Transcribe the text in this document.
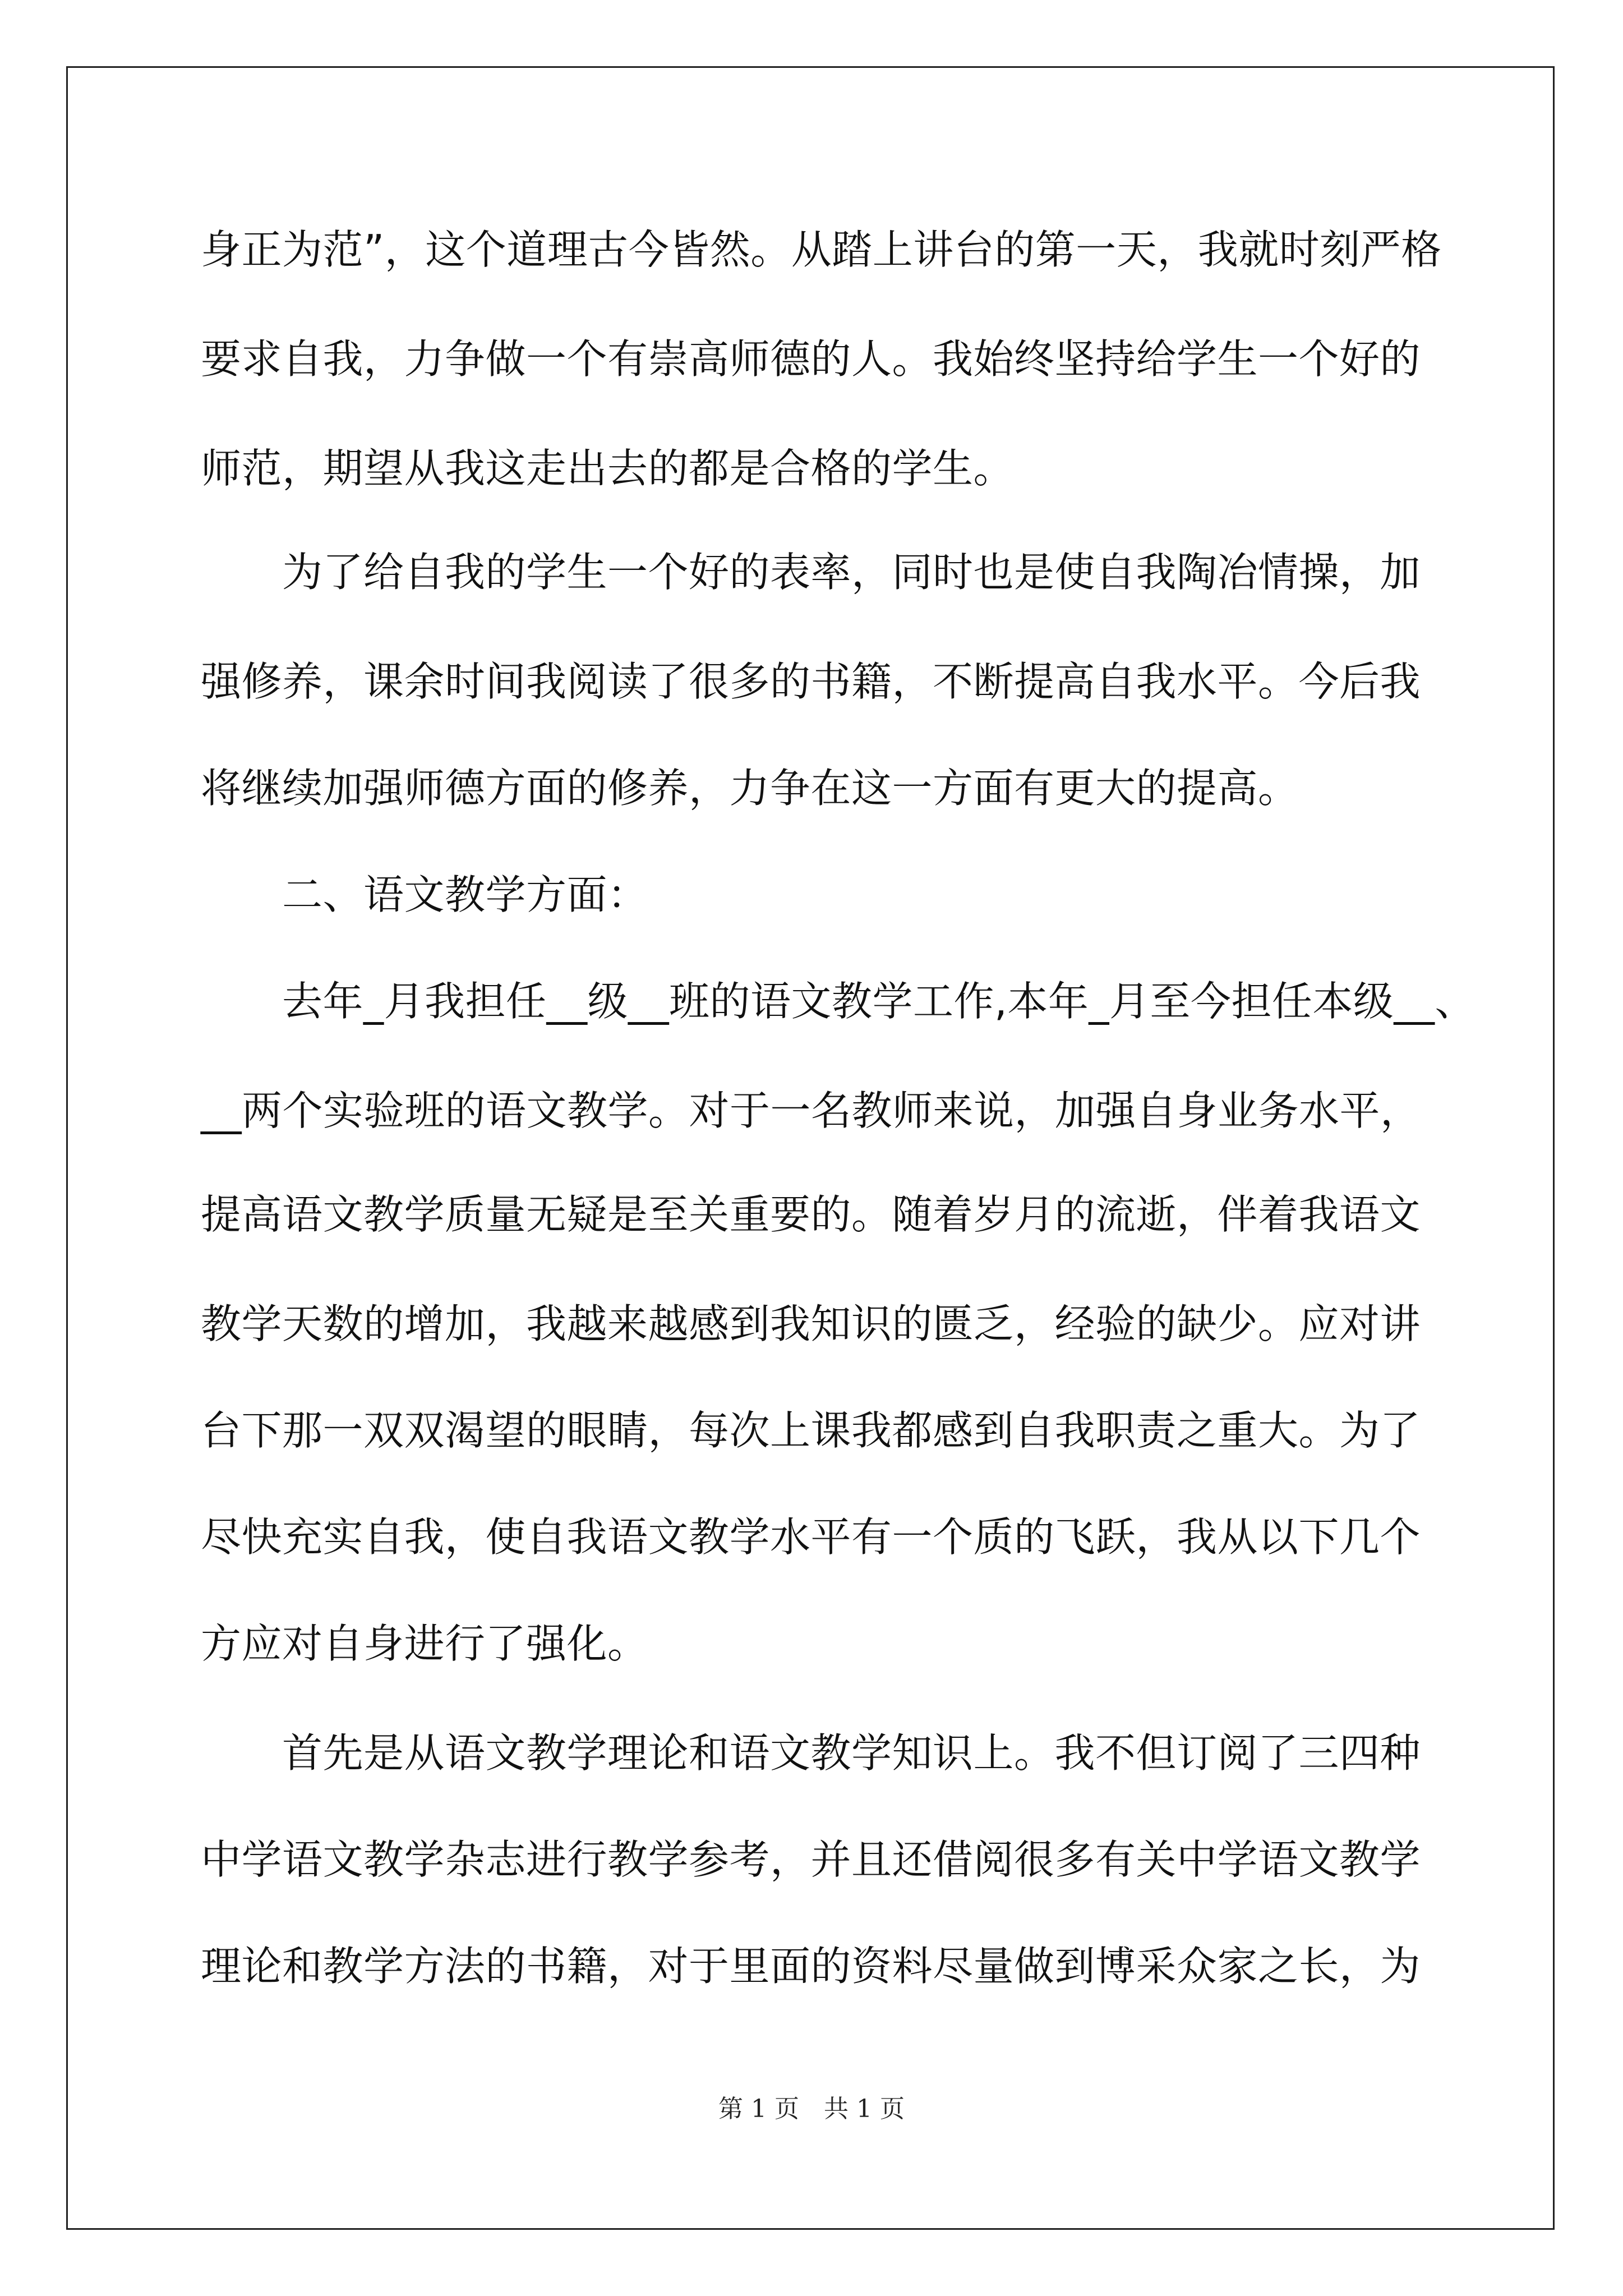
身正为范”，这个道理古今皆然。从踏上讲台的第一天，我就时刻严格
要求自我，力争做一个有崇高师德的人。我始终坚持给学生一个好的
师范，期望从我这走出去的都是合格的学生。
　　为了给自我的学生一个好的表率，同时也是使自我陶冶情操，加
强修养，课余时间我阅读了很多的书籍，不断提高自我水平。今后我
将继续加强师德方面的修养，力争在这一方面有更大的提高。
　　二、语文教学方面：
　　去年_月我担任__级__班的语文教学工作,本年_月至今担任本级__、
__两个实验班的语文教学。对于一名教师来说，加强自身业务水平，
提高语文教学质量无疑是至关重要的。随着岁月的流逝，伴着我语文
教学天数的增加，我越来越感到我知识的匮乏，经验的缺少。应对讲
台下那一双双渴望的眼睛，每次上课我都感到自我职责之重大。为了
尽快充实自我，使自我语文教学水平有一个质的飞跃，我从以下几个
方应对自身进行了强化。
　　首先是从语文教学理论和语文教学知识上。我不但订阅了三四种
中学语文教学杂志进行教学参考，并且还借阅很多有关中学语文教学
理论和教学方法的书籍，对于里面的资料尽量做到博采众家之长，为
第 1 页　共 1 页
